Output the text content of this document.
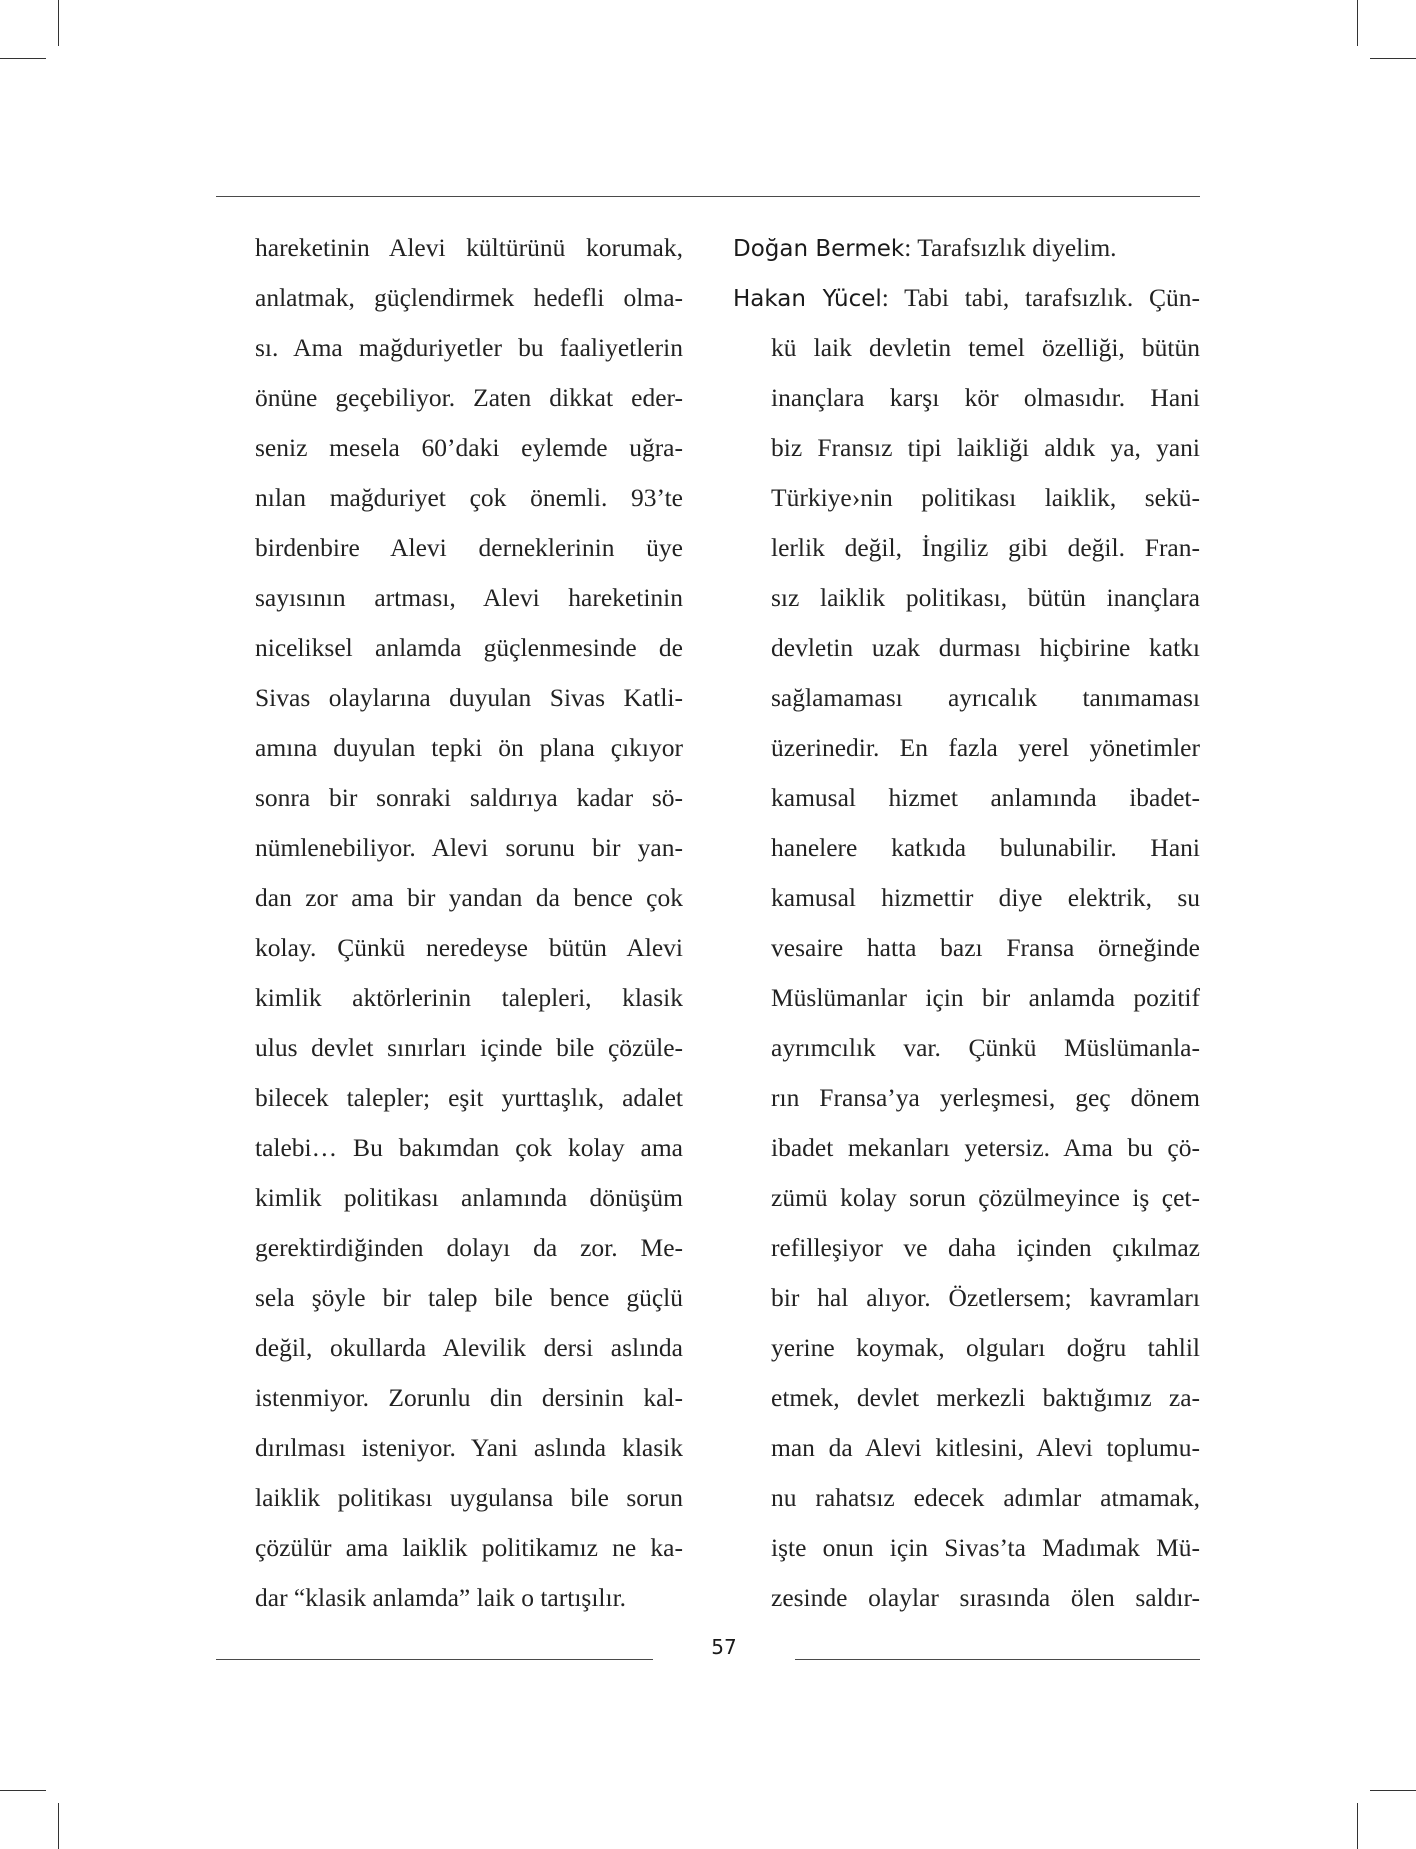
hareketinin Alevi kültürünü korumak,
anlatmak, güçlendirmek hedefli olma-
sı. Ama mağduriyetler bu faaliyetlerin
önüne geçebiliyor. Zaten dikkat eder-
seniz mesela 60’daki eylemde uğra-
nılan mağduriyet çok önemli. 93’te
birdenbire Alevi derneklerinin üye
sayısının artması, Alevi hareketinin
niceliksel anlamda güçlenmesinde de
Sivas olaylarına duyulan Sivas Katli-
amına duyulan tepki ön plana çıkıyor
sonra bir sonraki saldırıya kadar sö-
nümlenebiliyor. Alevi sorunu bir yan-
dan zor ama bir yandan da bence çok
kolay. Çünkü neredeyse bütün Alevi
kimlik aktörlerinin talepleri, klasik
ulus devlet sınırları içinde bile çözüle-
bilecek talepler; eşit yurttaşlık, adalet
talebi… Bu bakımdan çok kolay ama
kimlik politikası anlamında dönüşüm
gerektirdiğinden dolayı da zor. Me-
sela şöyle bir talep bile bence güçlü
değil, okullarda Alevilik dersi aslında
istenmiyor. Zorunlu din dersinin kal-
dırılması isteniyor. Yani aslında klasik
laiklik politikası uygulansa bile sorun
çözülür ama laiklik politikamız ne ka-
dar “klasik anlamda” laik o tartışılır.
Doğan Bermek: Tarafsızlık diyelim.
Hakan Yücel: Tabi tabi, tarafsızlık. Çün-
kü laik devletin temel özelliği, bütün
inançlara karşı kör olmasıdır. Hani
biz Fransız tipi laikliği aldık ya, yani
Türkiye›nin politikası laiklik, sekü-
lerlik değil, İngiliz gibi değil. Fran-
sız laiklik politikası, bütün inançlara
devletin uzak durması hiçbirine katkı
sağlamaması ayrıcalık tanımaması
üzerinedir. En fazla yerel yönetimler
kamusal hizmet anlamında ibadet-
hanelere katkıda bulunabilir. Hani
kamusal hizmettir diye elektrik, su
vesaire hatta bazı Fransa örneğinde
Müslümanlar için bir anlamda pozitif
ayrımcılık var. Çünkü Müslümanla-
rın Fransa’ya yerleşmesi, geç dönem
ibadet mekanları yetersiz. Ama bu çö-
zümü kolay sorun çözülmeyince iş çet-
refilleşiyor ve daha içinden çıkılmaz
bir hal alıyor. Özetlersem; kavramları
yerine koymak, olguları doğru tahlil
etmek, devlet merkezli baktığımız za-
man da Alevi kitlesini, Alevi toplumu-
nu rahatsız edecek adımlar atmamak,
işte onun için Sivas’ta Madımak Mü-
zesinde olaylar sırasında ölen saldır-
57
